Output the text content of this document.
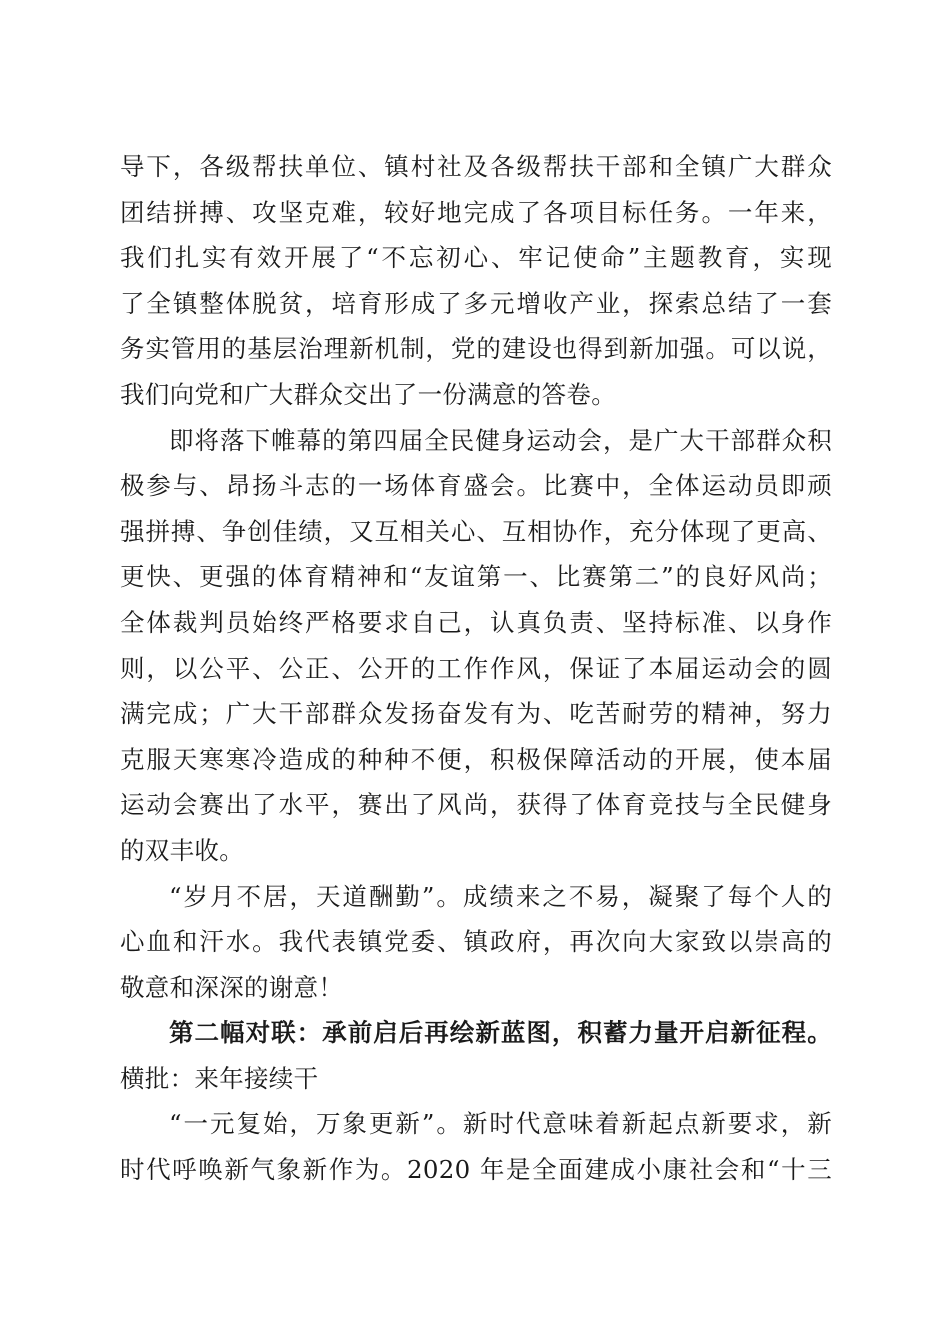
导下，各级帮扶单位、镇村社及各级帮扶干部和全镇广大群众
团结拼搏、攻坚克难，较好地完成了各项目标任务。一年来，
我们扎实有效开展了“不忘初心、牢记使命”主题教育，实现
了全镇整体脱贫，培育形成了多元增收产业，探索总结了一套
务实管用的基层治理新机制，党的建设也得到新加强。可以说，
我们向党和广大群众交出了一份满意的答卷。
即将落下帷幕的第四届全民健身运动会，是广大干部群众积
极参与、昂扬斗志的一场体育盛会。比赛中，全体运动员即顽
强拼搏、争创佳绩，又互相关心、互相协作，充分体现了更高、
更快、更强的体育精神和“友谊第一、比赛第二”的良好风尚；
全体裁判员始终严格要求自己，认真负责、坚持标准、以身作
则，以公平、公正、公开的工作作风，保证了本届运动会的圆
满完成；广大干部群众发扬奋发有为、吃苦耐劳的精神，努力
克服天寒寒冷造成的种种不便，积极保障活动的开展，使本届
运动会赛出了水平，赛出了风尚，获得了体育竞技与全民健身
的双丰收。
“岁月不居，天道酬勤”。成绩来之不易，凝聚了每个人的
心血和汗水。我代表镇党委、镇政府，再次向大家致以崇高的
敬意和深深的谢意！
第二幅对联：承前启后再绘新蓝图，积蓄力量开启新征程。
横批：来年接续干
“一元复始，万象更新”。新时代意味着新起点新要求，新
时代呼唤新气象新作为。2020 年是全面建成小康社会和“十三
